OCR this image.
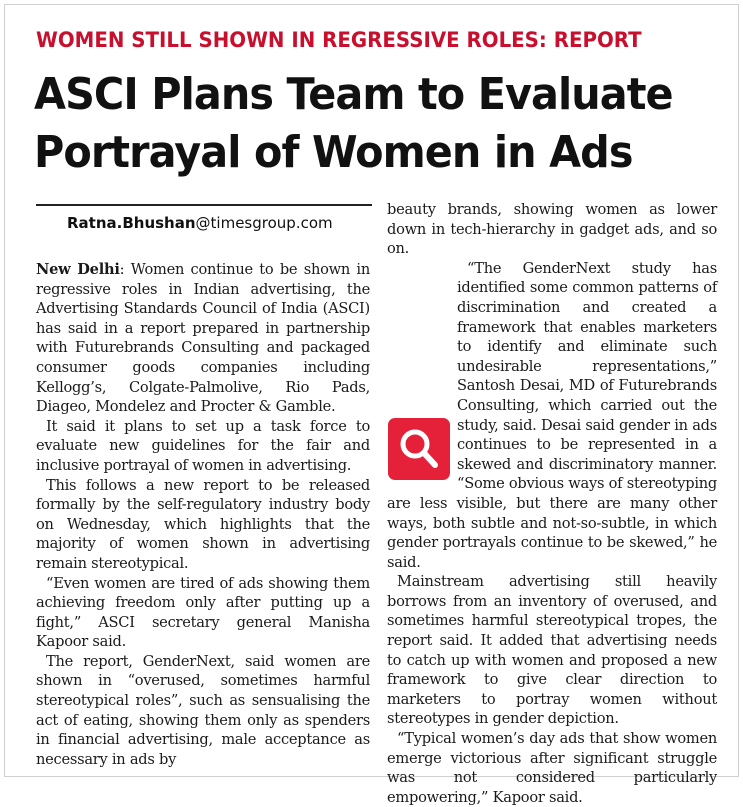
WOMEN STILL SHOWN IN REGRESSIVE ROLES: REPORT
ASCI Plans Team to Evaluate
Portrayal of Women in Ads
Ratna.Bhushan@timesgroup.com

New Delhi: Women continue to be shown in regressive roles in Indian advertising, the Advertising Standards Council of India (ASCI) has said in a report prepared in partnership with Futurebrands Consulting and packaged consumer goods companies including Kellogg’s, Colgate-Palmolive, Rio Pads, Diageo, Mondelez and Procter & Gamble.

It said it plans to set up a task force to evaluate new guidelines for the fair and inclusive portrayal of women in advertising.

This follows a new report to be released formally by the self-regulatory industry body on Wednesday, which highlights that the majority of women shown in advertising remain stereotypical.

“Even women are tired of ads showing them achieving freedom only after putting up a fight,” ASCI secretary general Manisha Kapoor said.

The report, GenderNext, said women are shown in “overused, sometimes harmful stereotypical roles”, such as sensualising the act of eating, showing them only as spenders in financial advertising, male acceptance as necessary in ads by

beauty brands, showing women as lower down in tech-hierarchy in gadget ads, and so on.

“The GenderNext study has identified some common patterns of discrimination and created a framework that enables marketers to identify and eliminate such undesirable representations,” Santosh Desai, MD of Futurebrands Consulting, which carried out the study, said. Desai said gender in ads continues to be represented in a skewed and discriminatory manner. “Some obvious ways of stereotyping are less visible, but there are many other ways, both subtle and not-so-subtle, in which gender portrayals continue to be skewed,” he said.

Mainstream advertising still heavily borrows from an inventory of overused, and sometimes harmful stereotypical tropes, the report said. It added that advertising needs to catch up with women and proposed a new framework to give clear direction to marketers to portray women without stereotypes in gender depiction.

“Typical women’s day ads that show women emerge victorious after significant struggle was not considered particularly empowering,” Kapoor said.
